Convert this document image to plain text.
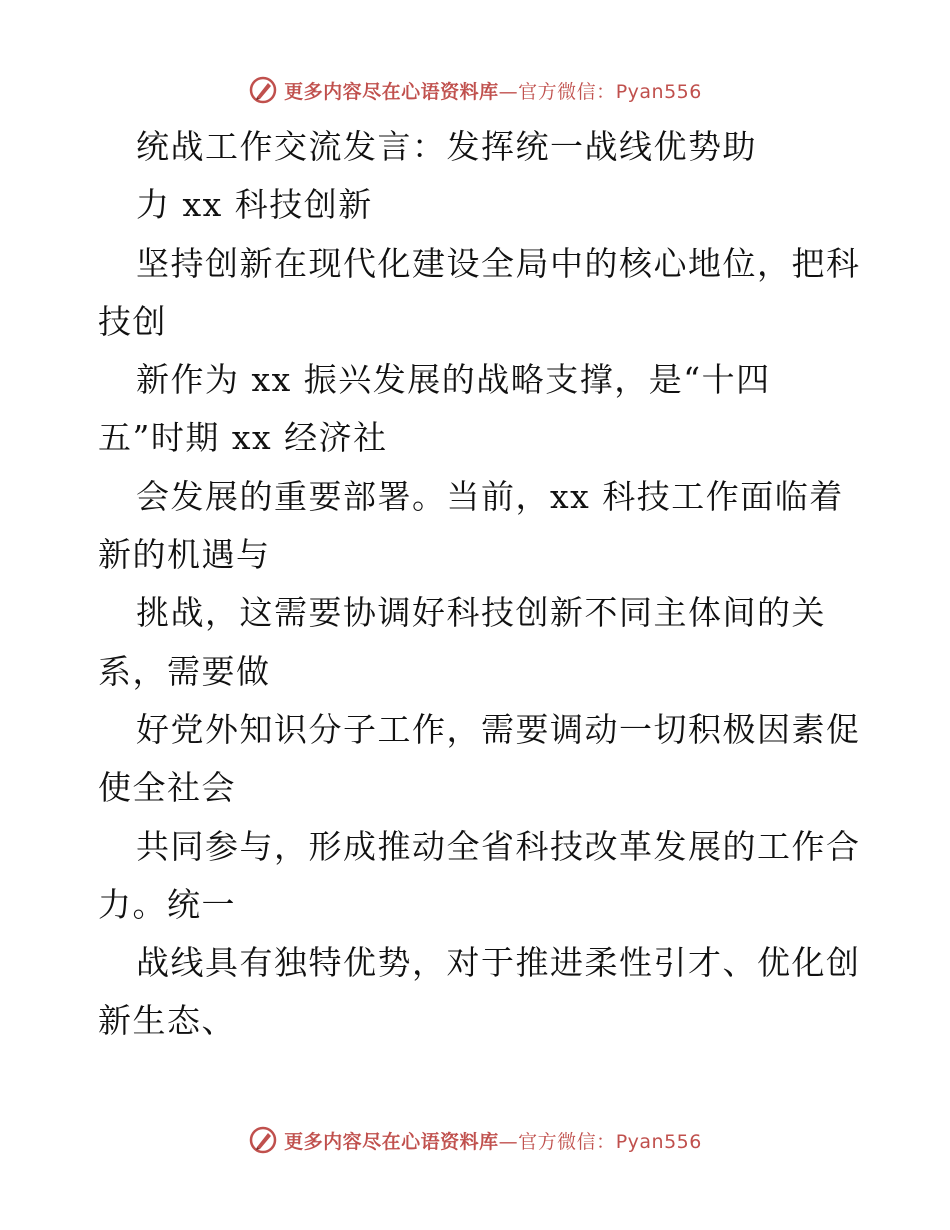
更多内容尽在心语资料库—官方微信：Pyan556
统战工作交流发言：发挥统一战线优势助
力 xx 科技创新
坚持创新在现代化建设全局中的核心地位，把科
技创
新作为 xx 振兴发展的战略支撑，是“十四
五”时期 xx 经济社
会发展的重要部署。当前，xx 科技工作面临着
新的机遇与
挑战，这需要协调好科技创新不同主体间的关
系，需要做
好党外知识分子工作，需要调动一切积极因素促
使全社会
共同参与，形成推动全省科技改革发展的工作合
力。统一
战线具有独特优势，对于推进柔性引才、优化创
新生态、
更多内容尽在心语资料库—官方微信：Pyan556
